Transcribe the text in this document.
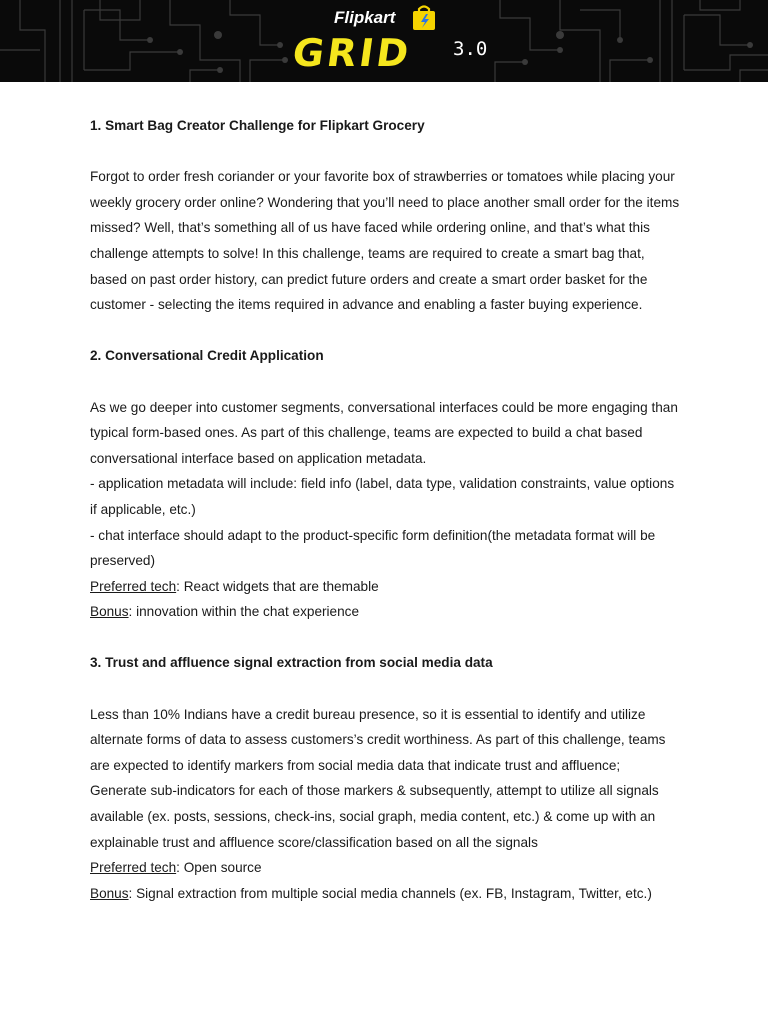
Flipkart
GRID 3.0

1. Smart Bag Creator Challenge for Flipkart Grocery

Forgot to order fresh coriander or your favorite box of strawberries or tomatoes while placing your weekly grocery order online? Wondering that you’ll need to place another small order for the items missed? Well, that’s something all of us have faced while ordering online, and that’s what this challenge attempts to solve! In this challenge, teams are required to create a smart bag that, based on past order history, can predict future orders and create a smart order basket for the customer - selecting the items required in advance and enabling a faster buying experience.

2. Conversational Credit Application

As we go deeper into customer segments, conversational interfaces could be more engaging than typical form-based ones. As part of this challenge, teams are expected to build a chat based conversational interface based on application metadata.

- application metadata will include: field info (label, data type, validation constraints, value options if applicable, etc.)

- chat interface should adapt to the product-specific form definition(the metadata format will be preserved)

Preferred tech: React widgets that are themable

Bonus: innovation within the chat experience

3. Trust and affluence signal extraction from social media data

Less than 10% Indians have a credit bureau presence, so it is essential to identify and utilize alternate forms of data to assess customers’s credit worthiness. As part of this challenge, teams are expected to identify markers from social media data that indicate trust and affluence; Generate sub-indicators for each of those markers & subsequently, attempt to utilize all signals available (ex. posts, sessions, check-ins, social graph, media content, etc.) & come up with an explainable trust and affluence score/classification based on all the signals

Preferred tech: Open source

Bonus: Signal extraction from multiple social media channels (ex. FB, Instagram, Twitter, etc.)
